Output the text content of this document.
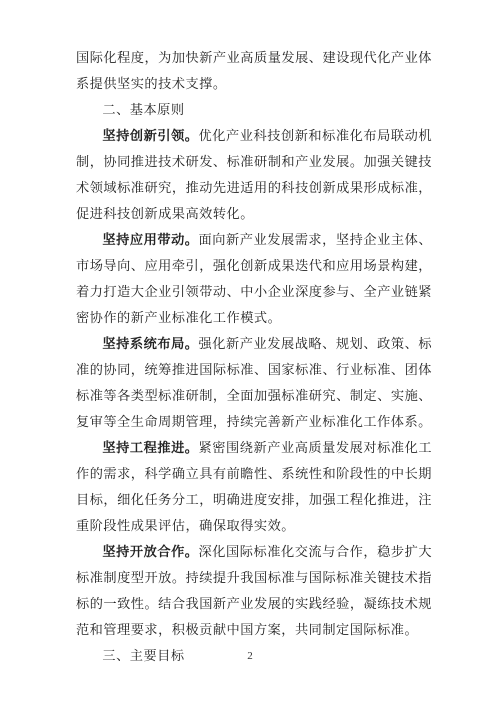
国际化程度，为加快新产业高质量发展、建设现代化产业体系提供坚实的技术支撑。

二、基本原则

坚持创新引领。优化产业科技创新和标准化布局联动机制，协同推进技术研发、标准研制和产业发展。加强关键技术领域标准研究，推动先进适用的科技创新成果形成标准，促进科技创新成果高效转化。

坚持应用带动。面向新产业发展需求，坚持企业主体、市场导向、应用牵引，强化创新成果迭代和应用场景构建，着力打造大企业引领带动、中小企业深度参与、全产业链紧密协作的新产业标准化工作模式。

坚持系统布局。强化新产业发展战略、规划、政策、标准的协同，统筹推进国际标准、国家标准、行业标准、团体标准等各类型标准研制，全面加强标准研究、制定、实施、复审等全生命周期管理，持续完善新产业标准化工作体系。

坚持工程推进。紧密围绕新产业高质量发展对标准化工作的需求，科学确立具有前瞻性、系统性和阶段性的中长期目标，细化任务分工，明确进度安排，加强工程化推进，注重阶段性成果评估，确保取得实效。

坚持开放合作。深化国际标准化交流与合作，稳步扩大标准制度型开放。持续提升我国标准与国际标准关键技术指标的一致性。结合我国新产业发展的实践经验，凝练技术规范和管理要求，积极贡献中国方案，共同制定国际标准。

三、主要目标	2
